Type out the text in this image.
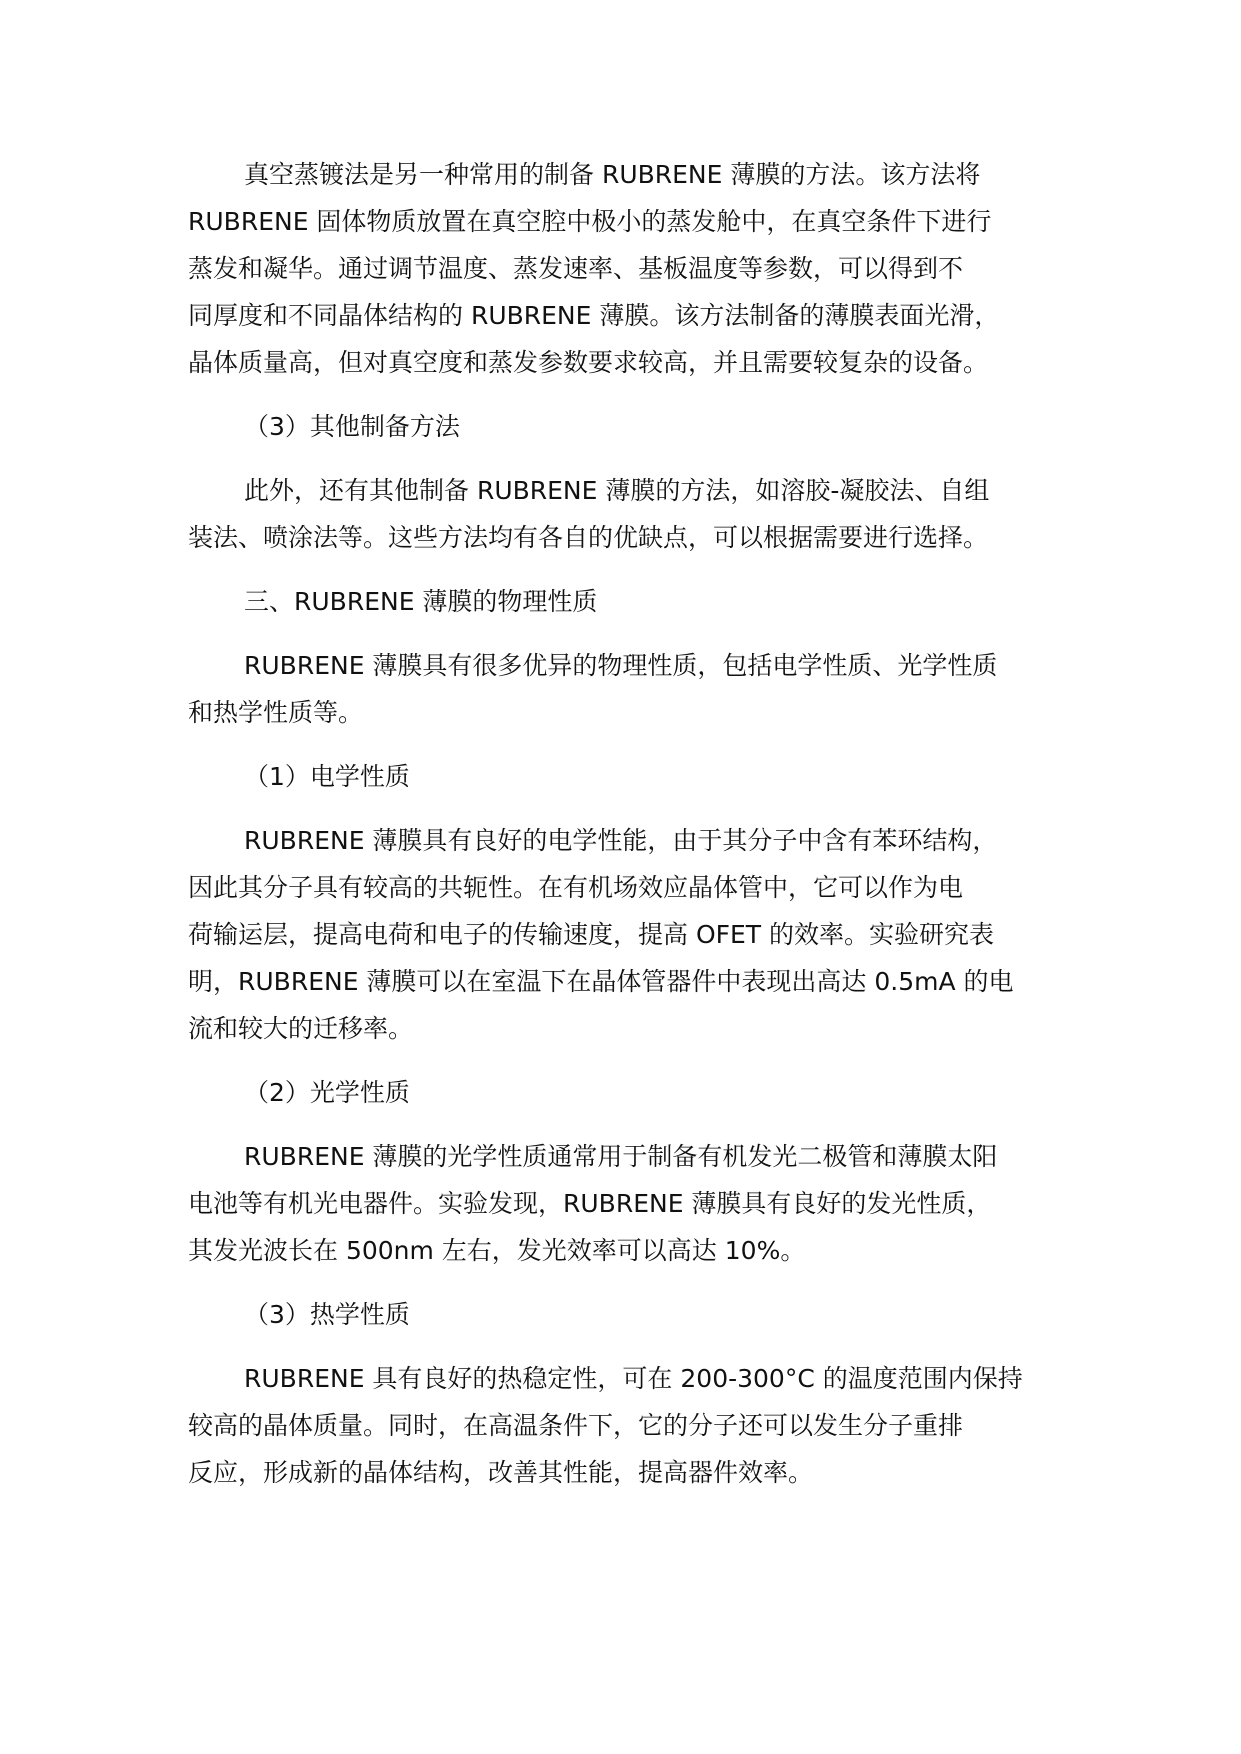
真空蒸镀法是另一种常用的制备 RUBRENE 薄膜的方法。该方法将
RUBRENE 固体物质放置在真空腔中极小的蒸发舱中，在真空条件下进行
蒸发和凝华。通过调节温度、蒸发速率、基板温度等参数，可以得到不
同厚度和不同晶体结构的 RUBRENE 薄膜。该方法制备的薄膜表面光滑，
晶体质量高，但对真空度和蒸发参数要求较高，并且需要较复杂的设备。
（3）其他制备方法
此外，还有其他制备 RUBRENE 薄膜的方法，如溶胶-凝胶法、自组
装法、喷涂法等。这些方法均有各自的优缺点，可以根据需要进行选择。
三、RUBRENE 薄膜的物理性质
RUBRENE 薄膜具有很多优异的物理性质，包括电学性质、光学性质
和热学性质等。
（1）电学性质
RUBRENE 薄膜具有良好的电学性能，由于其分子中含有苯环结构，
因此其分子具有较高的共轭性。在有机场效应晶体管中，它可以作为电
荷输运层，提高电荷和电子的传输速度，提高 OFET 的效率。实验研究表
明，RUBRENE 薄膜可以在室温下在晶体管器件中表现出高达 0.5mA 的电
流和较大的迁移率。
（2）光学性质
RUBRENE 薄膜的光学性质通常用于制备有机发光二极管和薄膜太阳
电池等有机光电器件。实验发现，RUBRENE 薄膜具有良好的发光性质，
其发光波长在 500nm 左右，发光效率可以高达 10%。
（3）热学性质
RUBRENE 具有良好的热稳定性，可在 200-300°C 的温度范围内保持
较高的晶体质量。同时，在高温条件下，它的分子还可以发生分子重排
反应，形成新的晶体结构，改善其性能，提高器件效率。
